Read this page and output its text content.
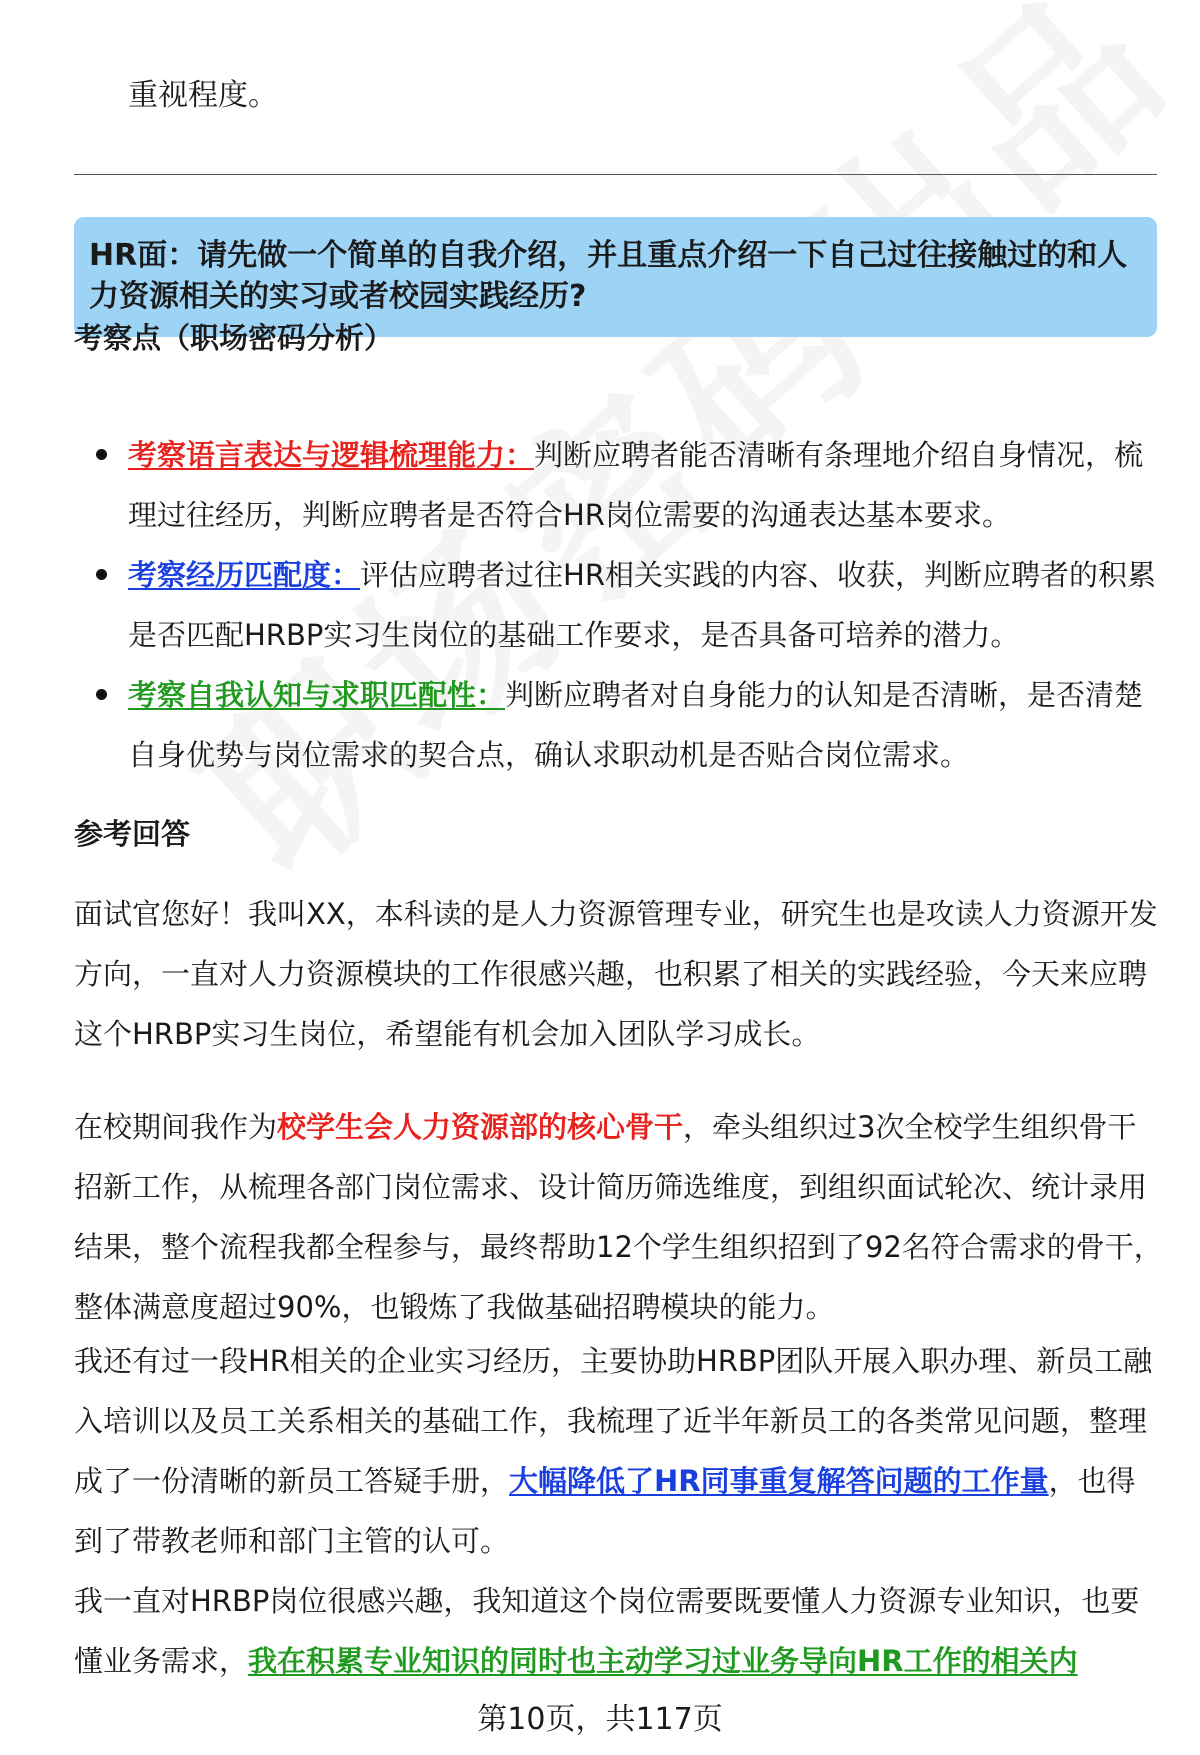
重视程度。
HR面：请先做一个简单的自我介绍，并且重点介绍一下自己过往接触过的和人力资源相关的实习或者校园实践经历?
考察点（职场密码分析）
考察语言表达与逻辑梳理能力：判断应聘者能否清晰有条理地介绍自身情况，梳理过往经历，判断应聘者是否符合HR岗位需要的沟通表达基本要求。
考察经历匹配度：评估应聘者过往HR相关实践的内容、收获，判断应聘者的积累是否匹配HRBP实习生岗位的基础工作要求，是否具备可培养的潜力。
考察自我认知与求职匹配性：判断应聘者对自身能力的认知是否清晰，是否清楚自身优势与岗位需求的契合点，确认求职动机是否贴合岗位需求。
参考回答

面试官您好！我叫XX，本科读的是人力资源管理专业，研究生也是攻读人力资源开发方向，一直对人力资源模块的工作很感兴趣，也积累了相关的实践经验，今天来应聘这个HRBP实习生岗位，希望能有机会加入团队学习成长。

在校期间我作为校学生会人力资源部的核心骨干，牵头组织过3次全校学生组织骨干招新工作，从梳理各部门岗位需求、设计简历筛选维度，到组织面试轮次、统计录用结果，整个流程我都全程参与，最终帮助12个学生组织招到了92名符合需求的骨干，整体满意度超过90%，也锻炼了我做基础招聘模块的能力。

我还有过一段HR相关的企业实习经历，主要协助HRBP团队开展入职办理、新员工融入培训以及员工关系相关的基础工作，我梳理了近半年新员工的各类常见问题，整理成了一份清晰的新员工答疑手册，大幅降低了HR同事重复解答问题的工作量，也得到了带教老师和部门主管的认可。

我一直对HRBP岗位很感兴趣，我知道这个岗位需要既要懂人力资源专业知识，也要懂业务需求，我在积累专业知识的同时也主动学习过业务导向HR工作的相关内

第10页，共117页
